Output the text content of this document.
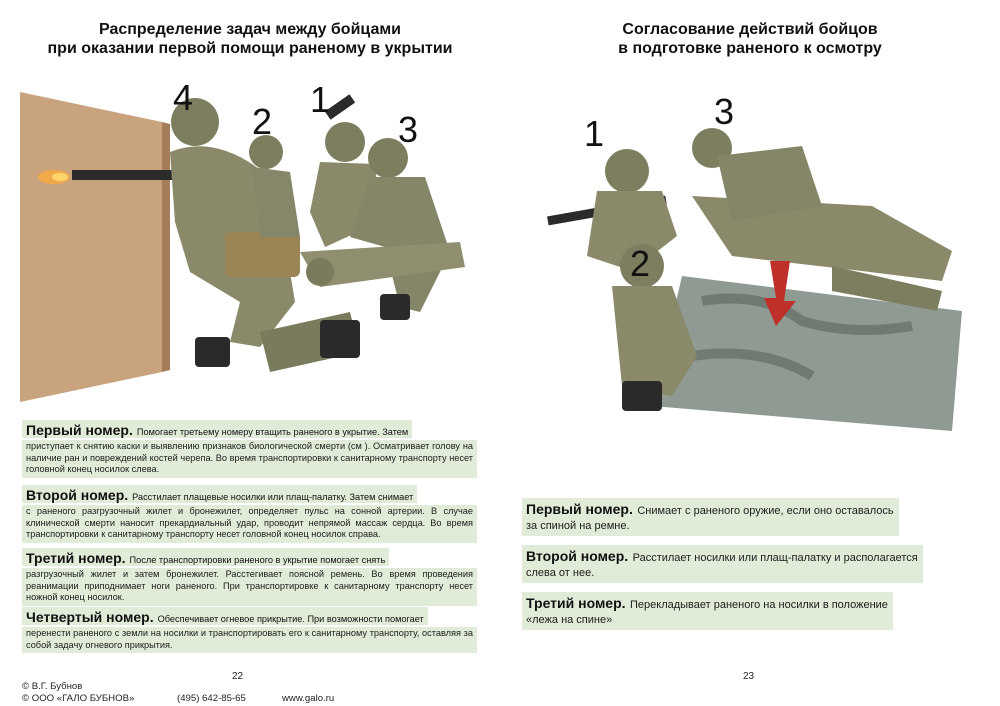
Распределение задач между бойцами
при оказании первой помощи раненому в укрытии
4
2
1
3
Первый номер. Помогает третьему номеру втащить раненого в укрытие. Затем
приступает к снятию каски и выявлению признаков биологической смерти (см ). Осматривает голову на наличие ран и повреждений костей черепа. Во время транспортировки к санитарному транспорту несет головной конец носилок слева.
Второй номер. Расстилает плащевые носилки или плащ-палатку. Затем снимает
с раненого разгрузочный жилет и бронежилет, определяет пульс на сонной артерии. В случае клинической смерти наносит прекардиальный удар, проводит непрямой массаж сердца. Во время транспортировки к санитарному транспорту несет головной конец носилок справа.
Третий номер. После транспортировки раненого в укрытие помогает снять
разгрузочный жилет и затем бронежилет. Расстегивает поясной ремень. Во время проведения реанимации приподнимает ноги раненого. При транспортировке к санитарному транспорту несет ножной конец носилок.
Четвертый номер. Обеспечивает огневое прикрытие. При возможности помогает
перенести раненого с земли на носилки и транспортировать его к санитарному транспорту, оставляя за собой задачу огневого прикрытия.
22
Согласование действий бойцов
в подготовке раненого к осмотру
1
3
2
Первый номер. Снимает с раненого оружие, если оно оставалось
за спиной на ремне.
Второй номер. Расстилает носилки или плащ-палатку и располагается
слева от нее.
Третий номер. Перекладывает раненого на носилки в положение
«лежа на спине»
23
© В.Г. Бубнов
© ООО «ГАЛО БУБНОВ»	(495) 642-85-65	www.galo.ru
